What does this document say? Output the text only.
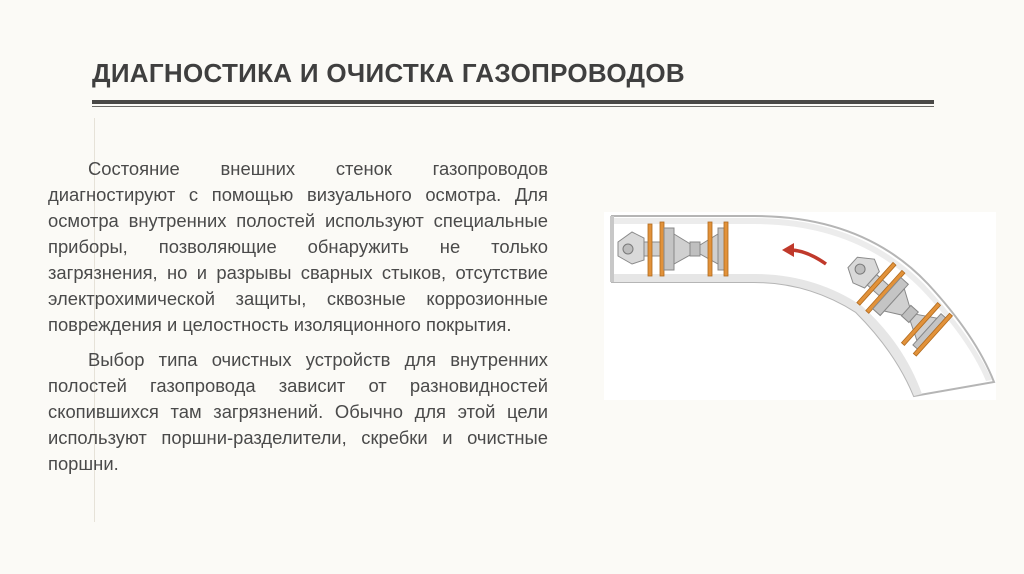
ДИАГНОСТИКА И ОЧИСТКА ГАЗОПРОВОДОВ

Состояние внешних стенок газопроводов диагностируют с помощью визуального осмотра. Для осмотра внутренних полостей используют специальные приборы, позволяющие обнаружить не только загрязнения, но и разрывы сварных стыков, отсутствие электрохимической защиты, сквозные коррозионные повреждения и целостность изоляционного покрытия.

Выбор типа очистных устройств для внутренних полостей газопровода зависит от разновидностей скопившихся там загрязнений. Обычно для этой цели используют поршни-разделители, скребки и очистные поршни.
